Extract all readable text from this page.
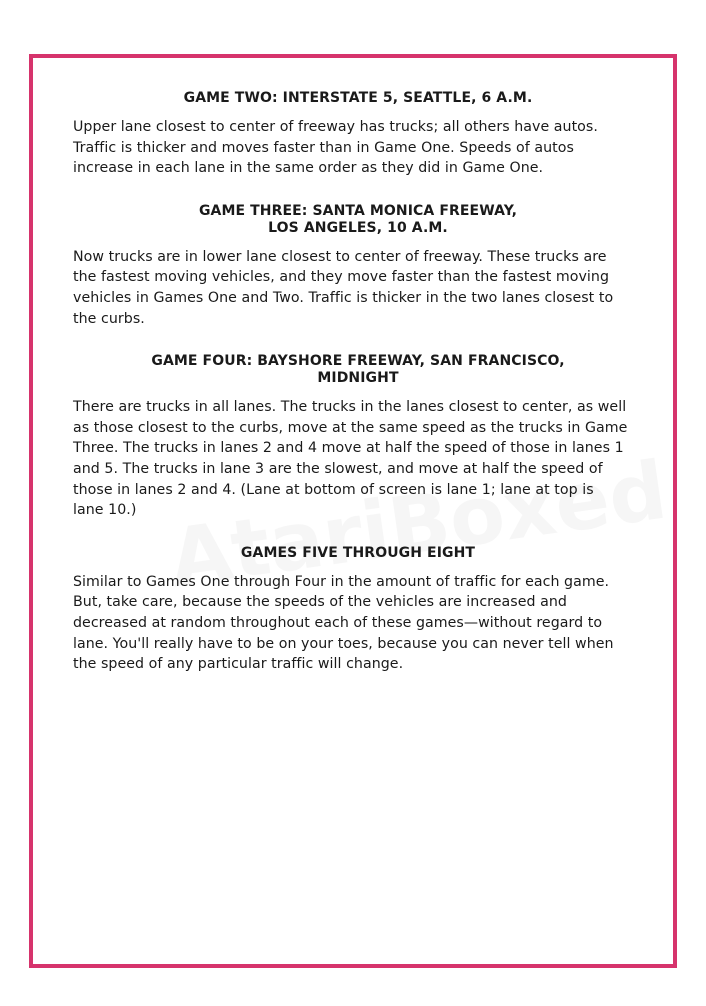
GAME TWO: INTERSTATE 5, SEATTLE, 6 A.M.
Upper lane closest to center of freeway has trucks; all others have autos.
Traffic is thicker and moves faster than in Game One. Speeds of autos
increase in each lane in the same order as they did in Game One.
GAME THREE: SANTA MONICA FREEWAY,
LOS ANGELES, 10 A.M.
Now trucks are in lower lane closest to center of freeway. These trucks are
the fastest moving vehicles, and they move faster than the fastest moving
vehicles in Games One and Two. Traffic is thicker in the two lanes closest to
the curbs.
GAME FOUR: BAYSHORE FREEWAY, SAN FRANCISCO,
MIDNIGHT
There are trucks in all lanes. The trucks in the lanes closest to center, as well
as those closest to the curbs, move at the same speed as the trucks in Game
Three. The trucks in lanes 2 and 4 move at half the speed of those in lanes 1
and 5. The trucks in lane 3 are the slowest, and move at half the speed of
those in lanes 2 and 4. (Lane at bottom of screen is lane 1; lane at top is
lane 10.)
GAMES FIVE THROUGH EIGHT
Similar to Games One through Four in the amount of traffic for each game.
But, take care, because the speeds of the vehicles are increased and
decreased at random throughout each of these games—without regard to
lane. You'll really have to be on your toes, because you can never tell when
the speed of any particular traffic will change.
